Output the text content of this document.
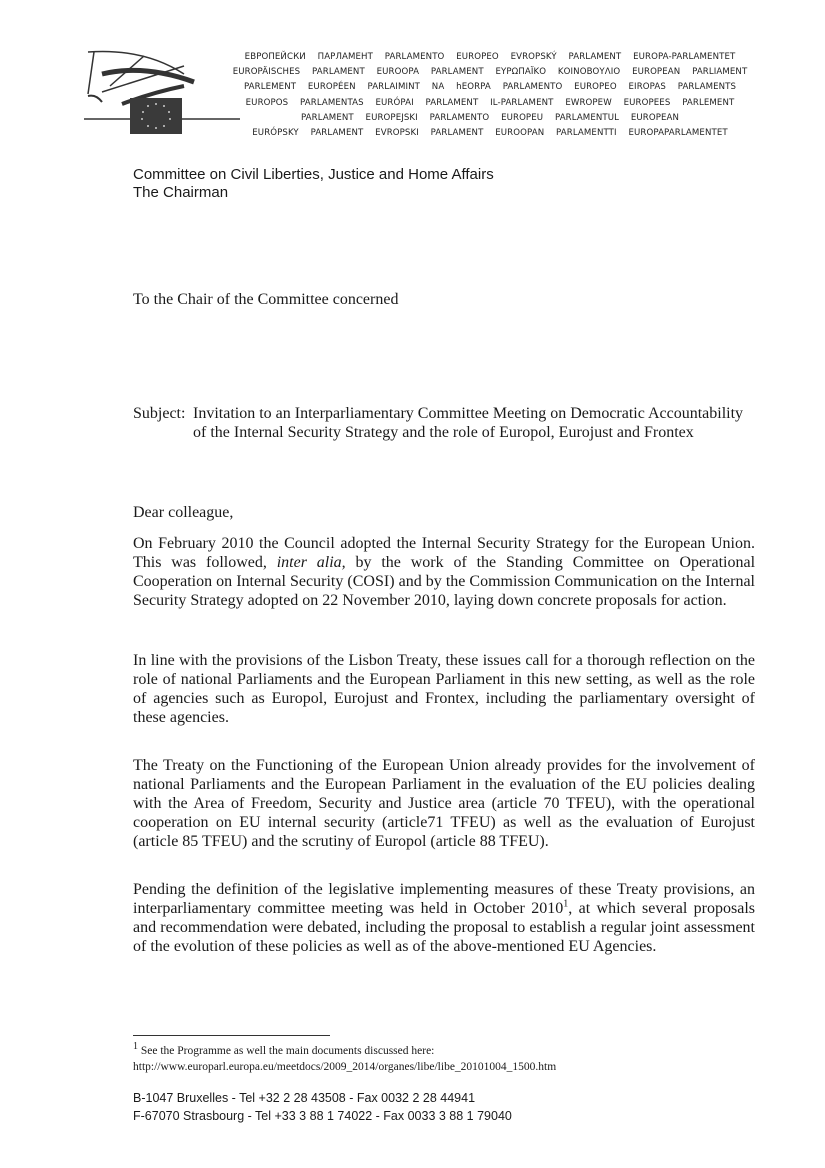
ЕВРОПЕЙСКИ ПАРЛАМЕНТ PARLAMENTO EUROPEO EVROPSKÝ PARLAMENT EUROPA-PARLAMENTET
EUROPÄISCHES PARLAMENT EUROOPA PARLAMENT ΕΥΡΩΠΑΪΚΟ ΚΟΙΝΟΒΟΥΛΙΟ EUROPEAN PARLIAMENT
PARLEMENT EUROPÉEN PARLAIMINT NA hEORPA PARLAMENTO EUROPEO EIROPAS PARLAMENTS
EUROPOS PARLAMENTAS EURÓPAI PARLAMENT IL-PARLAMENT EWROPEW EUROPEES PARLEMENT
PARLAMENT EUROPEJSKI PARLAMENTO EUROPEU PARLAMENTUL EUROPEAN
EURÓPSKY PARLAMENT EVROPSKI PARLAMENT EUROOPAN PARLAMENTTI EUROPAPARLAMENTET
Committee on Civil Liberties, Justice and Home Affairs
The Chairman
To the Chair of the Committee concerned
Subject: Invitation to an Interparliamentary Committee Meeting on Democratic Accountability of the Internal Security Strategy and the role of Europol, Eurojust and Frontex
Dear colleague,
On February 2010 the Council adopted the Internal Security Strategy for the European Union. This was followed, inter alia, by the work of the Standing Committee on Operational Cooperation on Internal Security (COSI) and by the Commission Communication on the Internal Security Strategy adopted on 22 November 2010, laying down concrete proposals for action.
In line with the provisions of the Lisbon Treaty, these issues call for a thorough reflection on the role of national Parliaments and the European Parliament in this new setting, as well as the role of agencies such as Europol, Eurojust and Frontex, including the parliamentary oversight of these agencies.
The Treaty on the Functioning of the European Union already provides for the involvement of national Parliaments and the European Parliament in the evaluation of the EU policies dealing with the Area of Freedom, Security and Justice area (article 70 TFEU), with the operational cooperation on EU internal security (article71 TFEU) as well as the evaluation of Eurojust (article 85 TFEU) and the scrutiny of Europol (article 88 TFEU).
Pending the definition of the legislative implementing measures of these Treaty provisions, an interparliamentary committee meeting was held in October 2010$^1$, at which several proposals and recommendation were debated, including the proposal to establish a regular joint assessment of the evolution of these policies as well as of the above-mentioned EU Agencies.
$^1$ See the Programme as well the main documents discussed here:
http://www.europarl.europa.eu/meetdocs/2009_2014/organes/libe/libe_20101004_1500.htm
B-1047 Bruxelles - Tel +32 2 28 43508 - Fax 0032 2 28 44941
F-67070 Strasbourg - Tel +33 3 88 1 74022 - Fax 0033 3 88 1 79040
